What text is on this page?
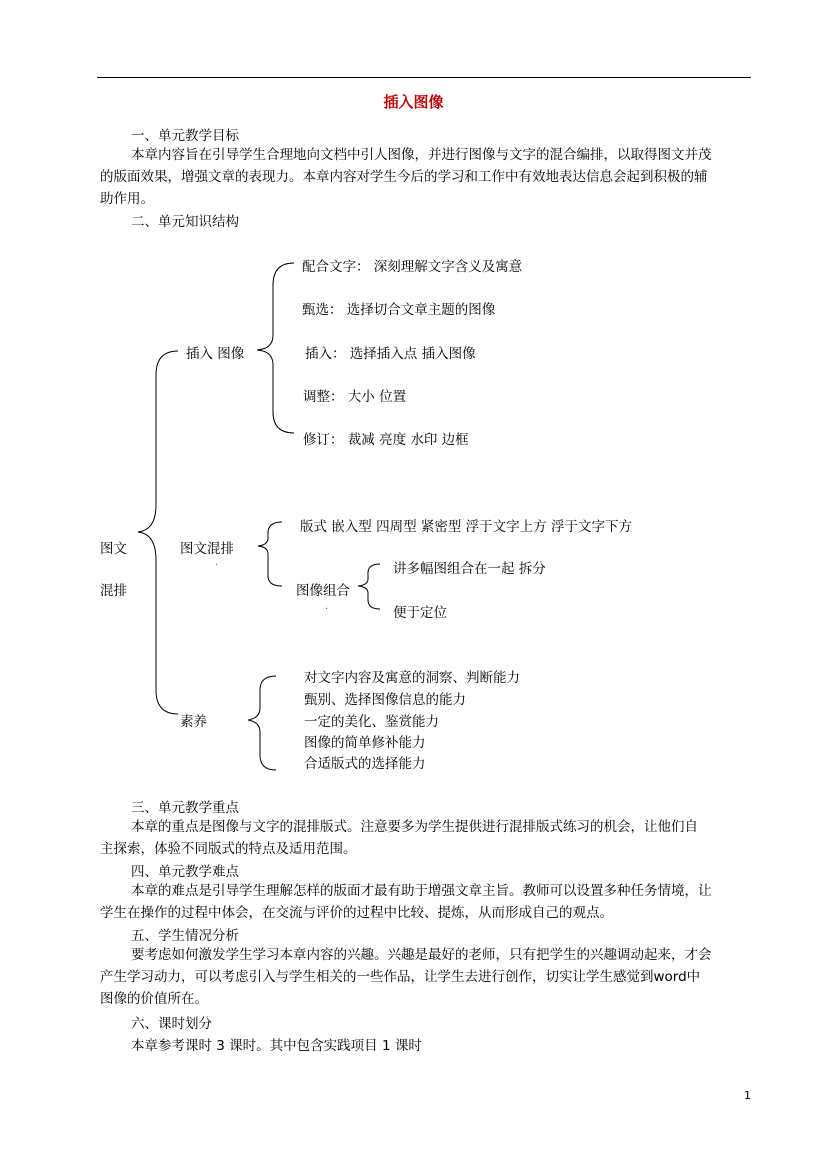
插入图像
一、单元教学目标
本章内容旨在引导学生合理地向文档中引人图像，并进行图像与文字的混合编排，以取得图文并茂
的版面效果，增强文章的表现力。本章内容对学生今后的学习和工作中有效地表达信息会起到积极的辅
助作用。
二、单元知识结构
图文
混排
插入 图像
配合文字： 深刻理解文字含义及寓意
甄选： 选择切合文章主题的图像
插入： 选择插入点 插入图像
调整： 大小 位置
修订： 裁减 亮度 水印 边框
图文混排
·
版式 嵌入型 四周型 紧密型 浮于文字上方 浮于文字下方
图像组合
·
讲多幅图组合在一起 拆分
便于定位
素养
对文字内容及寓意的洞察、判断能力
甄别、选择图像信息的能力
一定的美化、鉴赏能力
图像的简单修补能力
合适版式的选择能力
三、单元教学重点
本章的重点是图像与文字的混排版式。注意要多为学生提供进行混排版式练习的机会，让他们自
主探索，体验不同版式的特点及适用范围。
四、单元教学难点
本章的难点是引导学生理解怎样的版面才最有助于增强文章主旨。教师可以设置多种任务情境，让
学生在操作的过程中体会，在交流与评价的过程中比较、提炼，从而形成自己的观点。
五、学生情况分析
要考虑如何激发学生学习本章内容的兴趣。兴趣是最好的老师，只有把学生的兴趣调动起来，才会
产生学习动力，可以考虑引入与学生相关的一些作品，让学生去进行创作，切实让学生感觉到word中
图像的价值所在。
六、课时划分
本章参考课时 3 课时。其中包含实践项目 1 课时
1
